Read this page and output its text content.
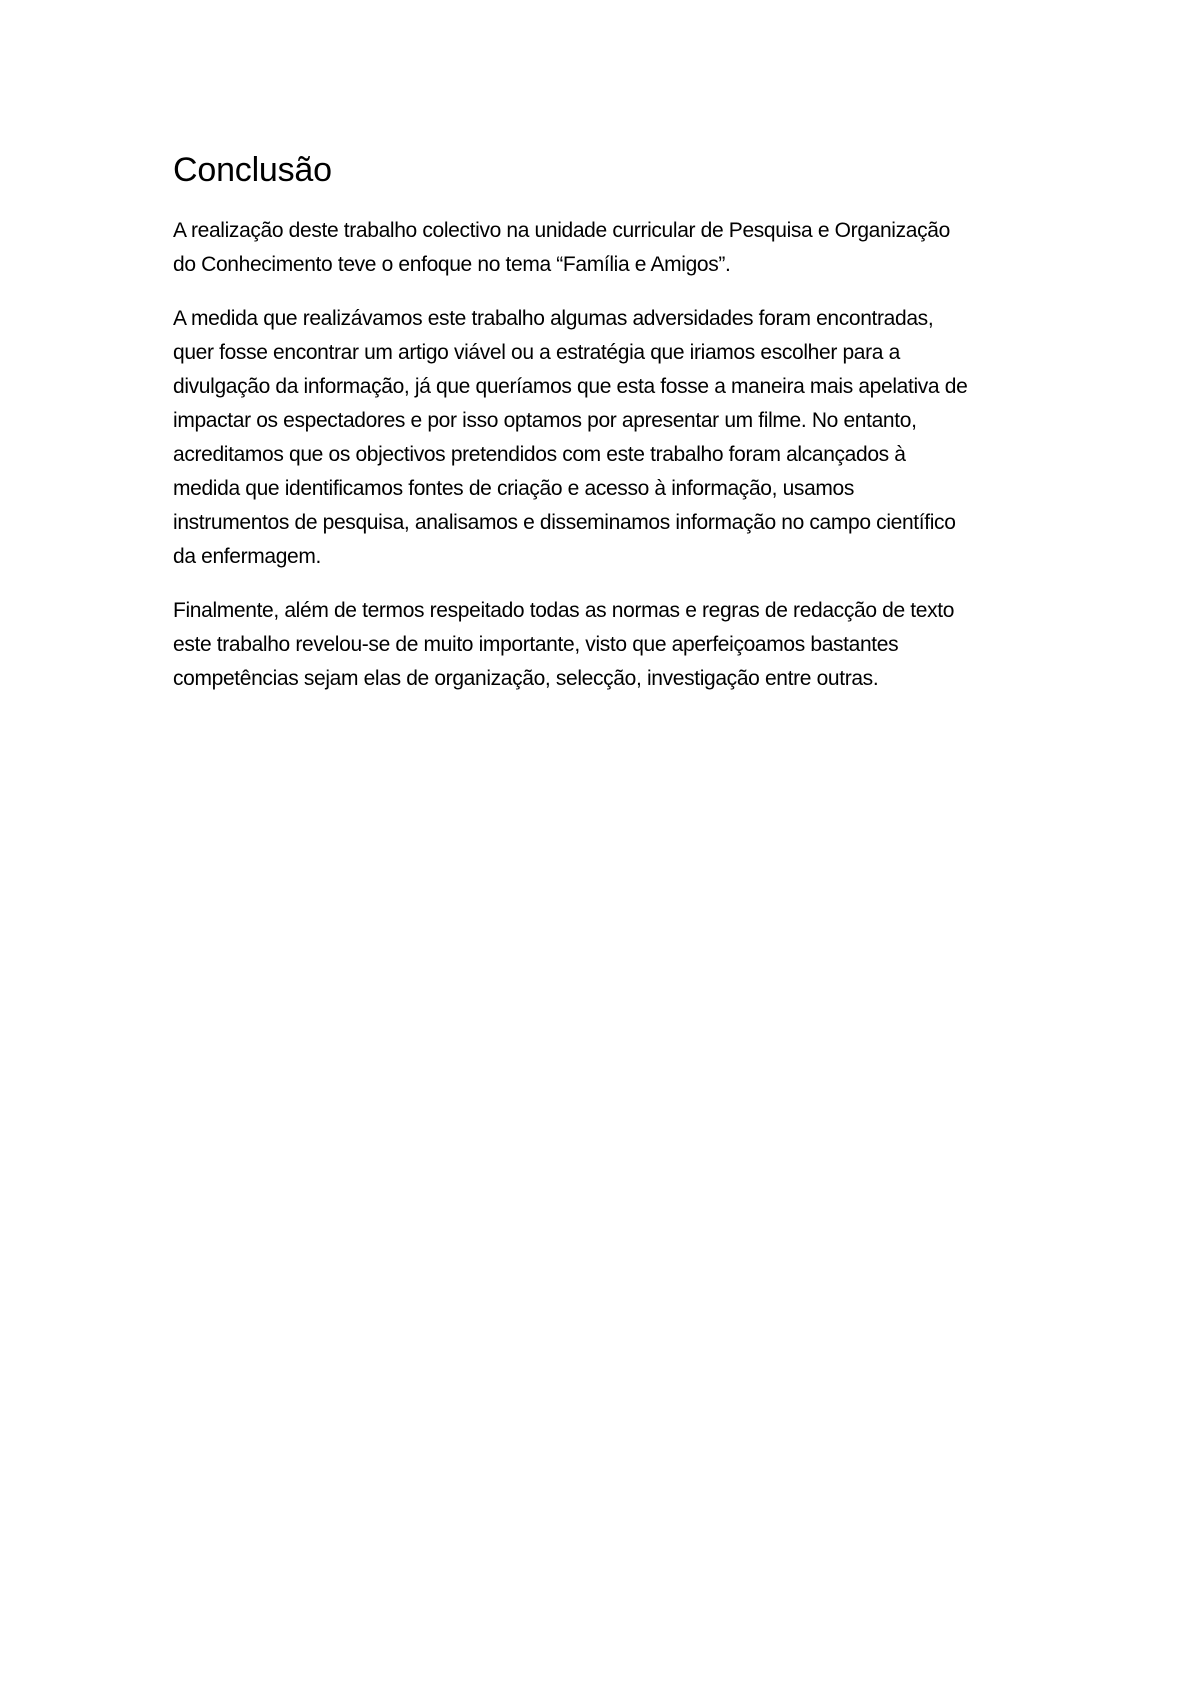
Conclusão

A realização deste trabalho colectivo na unidade curricular de Pesquisa e Organização
do Conhecimento teve o enfoque no tema “Família e Amigos”.

A medida que realizávamos este trabalho algumas adversidades foram encontradas,
quer fosse encontrar um artigo viável ou a estratégia que iriamos escolher para a
divulgação da informação, já que queríamos que esta fosse a maneira mais apelativa de
impactar os espectadores e por isso optamos por apresentar um filme. No entanto,
acreditamos que os objectivos pretendidos com este trabalho foram alcançados à
medida que identificamos fontes de criação e acesso à informação, usamos
instrumentos de pesquisa, analisamos e disseminamos informação no campo científico
da enfermagem.

Finalmente, além de termos respeitado todas as normas e regras de redacção de texto
este trabalho revelou-se de muito importante, visto que aperfeiçoamos bastantes
competências sejam elas de organização, selecção, investigação entre outras.
